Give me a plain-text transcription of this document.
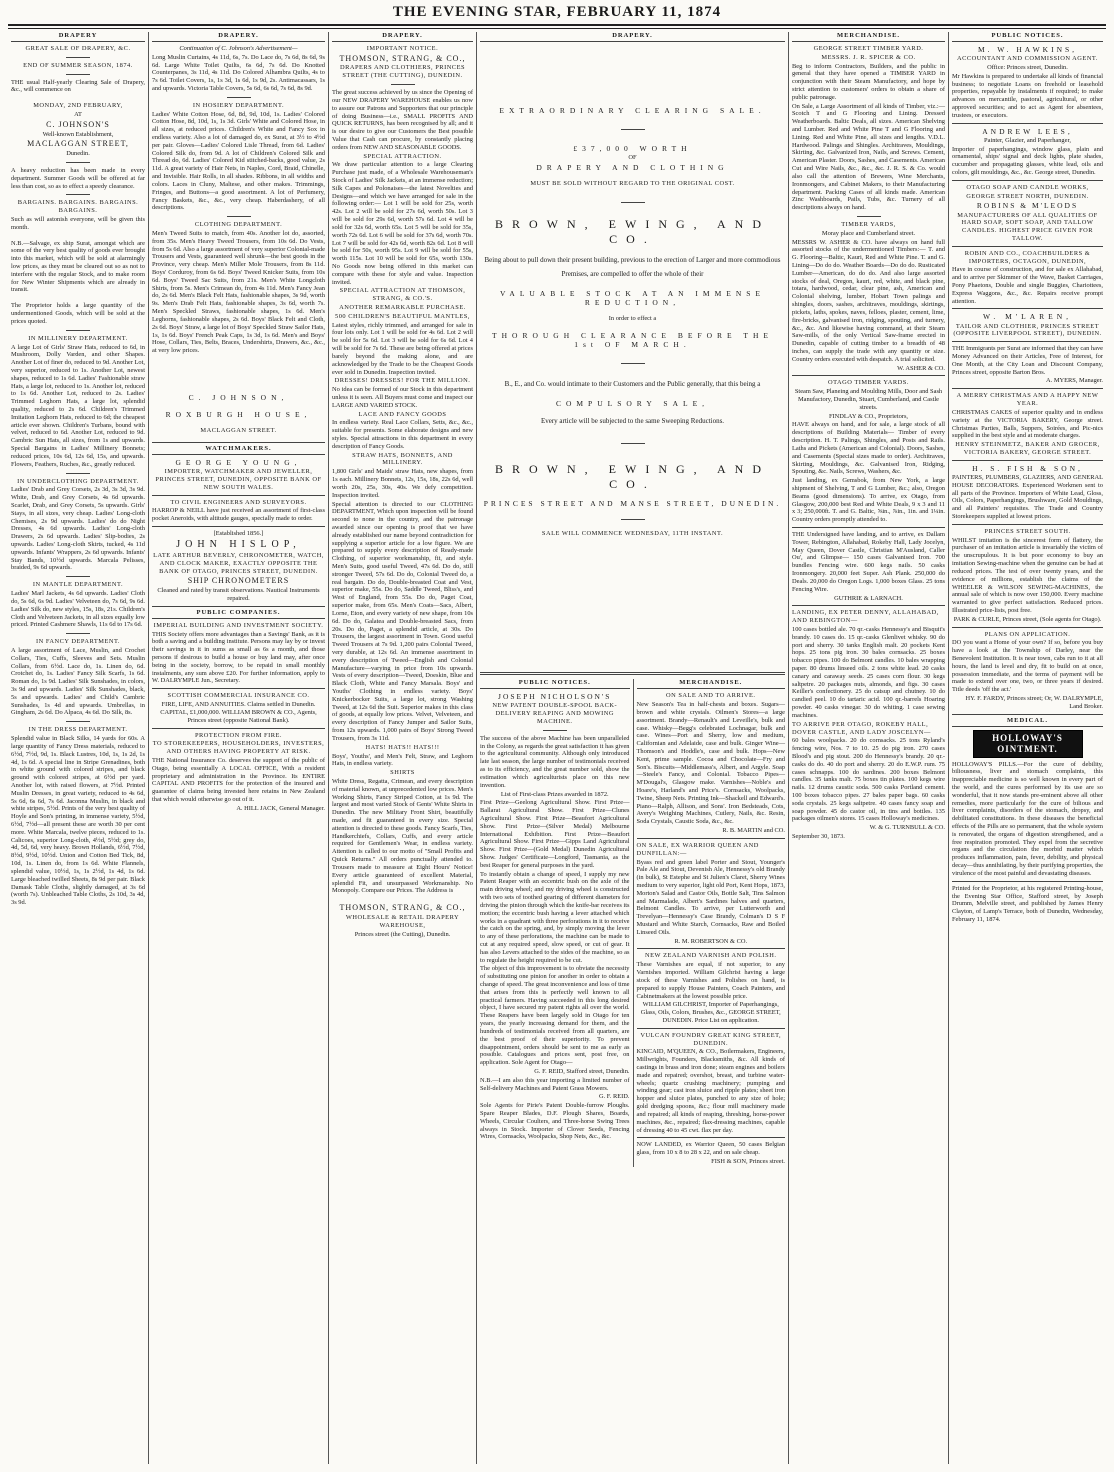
THE EVENING STAR, FEBRUARY 11, 1874
DRAPERY

GREAT SALE OF DRAPERY, &C.

END OF SUMMER SEASON, 1874.

THE usual Half-yearly Clearing Sale of Drapery, &c., will commence on

MONDAY, 2ND FEBRUARY,

AT

C. JOHNSON'S

Well-known Establishment,

MACLAGGAN STREET,

Dunedin.

A heavy reduction has been made in every department. Summer Goods will be offered at far less than cost, so as to effect a speedy clearance.

BARGAINS. BARGAINS. BARGAINS. BARGAINS.

Such as will astonish everyone, will be given this month.

N.B.—Salvage, ex ship Surat, amongst which are some of the very best quality of goods ever brought into this market, which will be sold at alarmingly low prices, as they must be cleared out so as not to interfere with the regular Stock, and to make room for New Winter Shipments which are already in transit.

The Proprietor holds a large quantity of the undermentioned Goods, which will be sold at the prices quoted.

IN MILLINERY DEPARTMENT.

A large Lot of Girls' Straw Hats, reduced to 6d, in Mushroom, Dolly Varden, and other Shapes. Another Lot of finer do, reduced to 9d. Another Lot, very superior, reduced to 1s. Another Lot, newest shapes, reduced to 1s 6d. Ladies' Fashionable straw Hats, a large lot, reduced to 1s. Another lot, reduced to 1s 6d. Another Lot, reduced to 2s. Ladies' Trimmed Leghorn Hats, a large lot, splendid quality, reduced to 2s 6d. Children's Trimmed Imitation Leghorn Hats, reduced to 6d; the cheapest article ever shown. Children's Turbans, bound with velvet, reduced to 6d. Another Lot, reduced to 9d. Cambric Sun Hats, all sizes, from 1s and upwards. Special Bargains in Ladies' Millinery Bonnets; reduced prices, 10s 6d, 12s 6d, 15s, and upwards. Flowers, Feathers, Ruches, &c., greatly reduced.

IN UNDERCLOTHING DEPARTMENT.

Ladies' Drab and Grey Corsets, 2s 3d, 3s 3d, 3s 9d. White, Drab, and Grey Corsets, 4s 6d upwards. Scarlet, Drab, and Grey Corsets, 5s upwards. Girls' Stays, in all sizes, very cheap. Ladies' Long-cloth Chemises, 2s 9d upwards. Ladies' do do Night Dresses, 4s 6d upwards. Ladies' Long-cloth Drawers, 2s 6d upwards. Ladies' Slip-bodies, 2s upwards. Ladies' Long-cloth Skirts, tucked, 4s 11d upwards. Infants' Wrappers, 2s 6d upwards. Infants' Stay Bands, 10½d upwards. Marcala Pelisses, braided, 9s 6d upwards.

IN MANTLE DEPARTMENT.

Ladies' Marl Jackets, 4s 6d upwards. Ladies' Cloth do, 5s 6d, 6s 9d. Ladies' Velveteen do, 7s 6d, 9s 6d. Ladies' Silk do, new styles, 15s, 18s, 21s. Children's Cloth and Velveteen Jackets, in all sizes equally low priced. Printed Cashmere Shawls, 11s 6d to 17s 6d.

IN FANCY DEPARTMENT.

A large assortment of Lace, Muslin, and Crochet Collars, Ties, Cuffs, Sleeves and Sets. Muslin Collars, from 6½d. Lace do, 1s. Linen do, 6d. Crotchet do, 1s. Ladies' Fancy Silk Scarfs, 1s 6d. Roman do, 1s 9d. Ladies' Silk Sunshades, in colors, 3s 9d and upwards. Ladies' Silk Sunshades, black, 5s and upwards. Ladies' and Child's Cambric Sunshades, 1s 4d and upwards. Umbrellas, in Gingham, 2s 6d. Do Alpaca, 4s 6d. Do Silk, 8s.

IN THE DRESS DEPARTMENT.

Splendid value in Black Silks, 14 yards for 60s. A large quantity of Fancy Dress materials, reduced to 6½d, 7½d, 9d, 1s. Black Lustres, 10d, 1s, 1s 2d, 1s 4d, 1s 6d. A special line in Stripe Grenadines, both in white ground with colored stripes, and black ground with colored stripes, at 6½d per yard. Another lot, with raised flowers, at 7½d. Printed Muslin Dresses, in great variety, reduced to 4s 6d, 5s 6d, 6s 6d, 7s 6d. Jaconna Muslin, in black and white stripes, 5½d. Prints of the very best quality of Hoyle and Son's printing, in immense variety, 5½d, 6½d, 7½d—all present these are worth 30 per cent more. White Marcala, twelve pieces, reduced to 1s. Calicoes, superior Long-cloth, 4½d, 5½d; grey do, 4d, 5d, 6d, very heavy. Brown Hollands, 6½d, 7½d, 8½d, 9½d, 10½d. Union and Cotton Bed Tick, 8d, 10d, 1s. Linen do, from 1s 6d. White Flannels, splendid value, 10½d, 1s, 1s 2½d, 1s 4d, 1s 6d. Large bleached twilled Sheets, 8s 9d per pair. Black Damask Table Cloths, slightly damaged, at 3s 6d (worth 7s). Unbleached Table Cloths, 2s 10d, 3s 4d, 3s 9d.

DRAPERY.

Continuation of C. Johnson's Advertisement—

Long Muslin Curtains, 4s 11d, 6s, 7s. Do Lace do, 7s 6d, 8s 6d, 9s 6d. Large White Toilet Quilts, 6s 6d, 7s 6d. Do Knotted Counterpanes, 3s 11d, 4s 11d. Do Colored Alhambra Quilts, 4s to 7s 6d. Toilet Covers, 1s, 1s 3d, 1s 6d, 1s 9d, 2s. Antimacassars, 1s and upwards. Victoria Table Covers, 5s 6d, 6s 6d, 7s 6d, 8s 9d.

IN HOSIERY DEPARTMENT.

Ladies' White Cotton Hose, 6d, 8d, 9d, 10d, 1s. Ladies' Colored Cotton Hose, 8d, 10d, 1s, 1s 3d. Girls' White and Colored Hose, in all sizes, at reduced prices. Children's White and Fancy Sox in endless variety. Also a lot of damaged do, ex Surat, at 3½ to 4½d per pair. Gloves—Ladies' Colored Lisle Thread, from 6d. Ladies' Colored Silk do, from 9d. A lot of Children's Colored Silk and Thread do, 6d. Ladies' Colored Kid stitched-backs, good value, 2s 11d. A great variety of Hair Nets, in Naples, Cord, Braid, Chinelle, and Invisible. Hair Rolls, in all shades. Ribbons, in all widths and colors. Laces in Cluny, Maltese, and other makes. Trimmings, Fringes, and Buttons—a good assortment. A lot of Perfumery, Fancy Baskets, &c., &c., very cheap. Haberdashery, of all descriptions.

CLOTHING DEPARTMENT.

Men's Tweed Suits to match, from 40s. Another lot do, assorted, from 35s. Men's Heavy Tweed Trousers, from 10s 6d. Do Vests, from 5s 6d. Also a large assortment of very superior Colonial-made Trousers and Vests, guaranteed well shrunk—the best goods in the Province, very cheap. Men's Miller Mole Trousers, from 8s 11d. Boys' Corduroy, from 6s 6d. Boys' Tweed Knicker Suits, from 10s 6d. Boys' Tweed Sac Suits, from 21s. Men's White Longcloth Shirts, from 5s. Men's Crimean do, from 4s 11d. Men's Fancy Jean do, 2s 6d. Men's Black Felt Hats, fashionable shapes, 3s 9d, worth 9s. Men's Drab Felt Hats, fashionable shapes, 3s 6d, worth 7s. Men's Speckled Straws, fashionable shapes, 1s 6d. Men's Leghorns, fashionable shapes, 2s 6d. Boys' Black Felt and Cloth, 2s 6d. Boys' Straw, a large lot of Boys' Speckled Straw Sailor Hats, 1s, 1s 6d. Boys' French Peak Caps, 1s 3d, 1s 6d. Men's and Boys' Hose, Collars, Ties, Belts, Braces, Undershirts, Drawers, &c., &c., at very low prices.

C. JOHNSON,

ROXBURGH HOUSE,

MACLAGGAN STREET.

WATCHMAKERS.

GEORGE YOUNG,

IMPORTER, WATCHMAKER AND JEWELLER, PRINCES STREET, DUNEDIN, OPPOSITE BANK OF NEW SOUTH WALES.

TO CIVIL ENGINEERS AND SURVEYORS.

HARROP & NEILL have just received an assortment of first-class pocket Aneroids, with altitude gauges, specially made to order.

[Established 1856.]

JOHN HISLOP,

LATE ARTHUR BEVERLY, CHRONOMETER, WATCH, AND CLOCK MAKER, EXACTLY OPPOSITE THE BANK OF OTAGO, PRINCES STREET, DUNEDIN.

SHIP CHRONOMETERS

Cleaned and rated by transit observations. Nautical Instruments repaired.

PUBLIC COMPANIES.

IMPERIAL BUILDING AND INVESTMENT SOCIETY.

THIS Society offers more advantages than a Savings' Bank, as it is both a saving and a building institute. Persons may lay by or invest their savings in it in sums as small as 6s a month, and those persons if desirous to build a house or buy land may, after once being in the society, borrow, to be repaid in small monthly instalments, any sum above £20. For further information, apply to W. DALRYMPLE Jun., Secretary.

SCOTTISH COMMERCIAL INSURANCE CO.

FIRE, LIFE, AND ANNUITIES. Claims settled in Dunedin. CAPITAL, £1,000,000. WILLIAM BROWN & CO., Agents, Princes street (opposite National Bank).

PROTECTION FROM FIRE.

TO STOREKEEPERS, HOUSEHOLDERS, INVESTERS, AND OTHERS HAVING PROPERTY AT RISK.

THE National Insurance Co. deserves the support of the public of Otago, being essentially A LOCAL OFFICE, With a resident proprietary and administration in the Province. Its ENTIRE CAPITAL AND PROFITS for the protection of the insured and guarantee of claims being invested here retains in New Zealand that which would otherwise go out of it.

A. HILL JACK, General Manager.

DRAPERY.

IMPORTANT NOTICE.

THOMSON, STRANG, & CO.,

DRAPERS AND CLOTHIERS, PRINCES STREET (THE CUTTING), DUNEDIN.

The great success achieved by us since the Opening of our NEW DRAPERY WAREHOUSE enables us now to assure our Patrons and Supporters that our principle of doing Business—i.e., SMALL PROFITS AND QUICK RETURNS, has been recognised by all; and it is our desire to give our Customers the Best possible Value that Cash can procure, by constantly placing orders from NEW AND SEASONABLE GOODS.

SPECIAL ATTRACTION.

We draw particular attention to a large Clearing Purchase just made, of a Wholesale Warehouseman's Stock of Ladies' Silk Jackets, at an immense reduction; Silk Capes and Polonaises—the latest Novelties and Designs—and which we have arranged for sale in the following order:— Lot 1 will be sold for 25s, worth 42s. Lot 2 will be sold for 27s 6d, worth 50s. Lot 3 will be sold for 29s 6d, worth 57s 6d. Lot 4 will be sold for 32s 6d, worth 65s. Lot 5 will be sold for 35s, worth 72s 6d. Lot 6 will be sold for 37s 6d, worth 70s. Lot 7 will be sold for 42s 6d, worth 82s 6d. Lot 8 will be sold for 50s, worth 95s. Lot 9 will be sold for 55s, worth 115s. Lot 10 will be sold for 65s, worth 130s. No Goods now being offered in this market can compare with these for style and value. Inspection invited.

SPECIAL ATTRACTION AT THOMSON, STRANG, & CO.'S.

ANOTHER REMARKABLE PURCHASE.

500 CHILDREN'S BEAUTIFUL MANTLES,

Latest styles, richly trimmed, and arranged for sale in four lots only. Lot 1 will be sold for 4s 6d. Lot 2 will be sold for 5s 6d. Lot 3 will be sold for 6s 6d. Lot 4 will be sold for 7s 6d. These are being offered at prices barely beyond the making alone, and are acknowledged by the Trade to be the Cheapest Goods ever sold in Dunedin. Inspection invited.

DRESSES! DRESSES! FOR THE MILLION.

No idea can be formed of our Stock in this department unless it is seen. All Buyers must come and inspect our LARGE AND VARIED STOCK.

LACE AND FANCY GOODS

In endless variety. Real Lace Collars, Setts, &c., &c., suitable for presents. Some elaborate designs and new styles. Special attractions in this department in every description of Fancy Goods.

STRAW HATS, BONNETS, AND MILLINERY.

1,800 Girls' and Maids' straw Hats, new shapes, from 1s each. Millinery Bonnets, 12s, 15s, 18s, 22s 6d, well worth 20s, 25s, 30s, 40s. We defy competition. Inspection invited.

Special attention is directed to our CLOTHING DEPARTMENT, Which upon inspection will be found second to none in the country, and the patronage awarded since our opening is proof that we have already established our name beyond contradiction for supplying a superior article for a low figure. We are prepared to supply every description of Ready-made Clothing, of superior workmanship, fit, and style. Men's Suits, good useful Tweed, 47s 6d. Do do, still stronger Tweed, 57s 6d. Do do, Colonial Tweed do, a real bargain. Do do, Double-breasted Coat and Vest, superior make, 55s. Do do, Saddle Tweed, Bliss's, and West of England, from 55s. Do do, Paget Coat, superior make, from 65s. Men's Coats—Sacs, Albert, Lorne, Eton, and every variety of new shape, from 10s 6d. Do do, Galatea and Double-breasted Sacs, from 20s. Do do, Paget, a splendid article, at 30s. Do Trousers, the largest assortment in Town. Good useful Tweed Trousers at 7s 9d. 1,200 pairs Colonial Tweed, very durable, at 12s 6d. An immense assortment in every description of Tweed—English and Colonial Manufacture—varying in price from 10s upwards. Vests of every description—Tweed, Doeskin, Blue and Black Cloth, White and Fancy Marsala. Boys' and Youths' Clothing in endless variety. Boys' Knickerbocker Suits, a large lot, strong Washing Tweed, at 12s 6d the Suit. Superior makes in this class of goods, at equally low prices. Velvet, Velveteen, and every description of Fancy Jumper and Sailor Suits, from 12s upwards. 1,000 pairs of Boys' Strong Tweed Trousers, from 3s 11d.

HATS! HATS!! HATS!!!

Boys', Youths', and Men's Felt, Straw, and Leghorn Hats, in endless variety.

SHIRTS

White Dress, Regatta, Crimean, and every description of material known, at unprecedented low prices. Men's Working Shirts, Fancy Striped Cotton, at 1s 9d. The largest and most varied Stock of Gents' White Shirts in Dunedin. The new Military Front Shirt, beautifully made, and fit guaranteed in every size. Special attention is directed to these goods. Fancy Scarfs, Ties, Handkerchiefs, Collars, Cuffs, and every article required for Gentlemen's Wear, in endless variety. Attention is called to our motto of "Small Profits and Quick Returns." All orders punctually attended to. Trousers made to measure at Eight Hours' Notice! Every article guaranteed of excellent Material, splendid Fit, and unsurpassed Workmanship. No Monopoly. Compare our Prices. The Address is

THOMSON, STRANG, & CO.,

WHOLESALE & RETAIL DRAPERY WAREHOUSE,

Princes street (the Cutting), Dunedin.

DRAPERY.

EXTRAORDINARY CLEARING SALE.

£37,000 WORTH

OF

DRAPERY AND CLOTHING

MUST BE SOLD WITHOUT REGARD TO THE ORIGINAL COST.

BROWN, EWING, AND CO.

Being about to pull down their present building, previous to the erection of Larger and more commodious Premises, are compelled to offer the whole of their

VALUABLE STOCK AT AN IMMENSE REDUCTION,

In order to effect a

THOROUGH CLEARANCE BEFORE THE 1st OF MARCH.

B., E., and Co. would intimate to their Customers and the Public generally, that this being a

COMPULSORY SALE,

Every article will be subjected to the same Sweeping Reductions.

BROWN, EWING, AND CO.

PRINCES STREET AND MANSE STREET, DUNEDIN.

SALE WILL COMMENCE WEDNESDAY, 11TH INSTANT.

PUBLIC NOTICES.

JOSEPH NICHOLSON'S

NEW PATENT DOUBLE-SPOOL BACK-DELIVERY REAPING AND MOWING MACHINE.

The success of the above Machine has been unparalleled in the Colony, as regards the great satisfaction it has given to the agricultural community. Although only introduced late last season, the large number of testimonials received as to its efficiency, and the great number sold, show the estimation which agriculturists place on this new invention.

List of First-class Prizes awarded in 1872.

First Prize—Geelong Agricultural Show. First Prize—Ballarat Agricultural Show. First Prize—Clunes Agricultural Show. First Prize—Beaufort Agricultural Show. First Prize—(Silver Medal) Melbourne International Exhibition. First Prize—Beaufort Agricultural Show. First Prize—Gipps Land Agricultural Show. First Prize—(Gold Medal) Dunedin Agricultural Show. Judges' Certificate—Longford, Tasmania, as the best Reaper for general purposes in the yard.

To instantly obtain a change of speed, I supply my new Patent Reaper with an eccentric bush on the axle of the main driving wheel; and my driving wheel is constructed with two sets of toothed gearing of different diameters for driving the pinion through which the knife-bar receives its motion; the eccentric bush having a lever attached which works in a quadrant with three perforations in it to receive the catch on the spring, and, by simply moving the lever to any of these perforations, the machine can be made to cut at any required speed, slow speed, or cut of gear. It has also Levers attached to the sides of the machine, so as to regulate the height required to be cut.

The object of this improvement is to obviate the necessity of substituting one pinion for another in order to obtain a change of speed. The great inconvenience and loss of time that arises from this is perfectly well known to all practical farmers. Having succeeded in this long desired object, I have secured my patent rights all over the world. These Reapers have been largely sold in Otago for ten years, the yearly increasing demand for them, and the hundreds of testimonials received from all quarters, are the best proof of their superiority. To prevent disappointment, orders should be sent to me as early as possible. Catalogues and prices sent, post free, on application. Sole Agent for Otago—

G. F. REID, Stafford street, Dunedin.

N.B.—I am also this year importing a limited number of Self-delivery Machines and Patent Grass Mowers.

G. F. REID.

Sole Agents for Pirie's Patent Double-furrow Ploughs. Spare Reaper Blades, D.F. Plough Shares, Boards, Wheels, Circular Coulters, and Three-horse Swing Trees always in Stock. Importer of Clover Seeds, Fencing Wires, Cornsacks, Woolpacks, Shop Nets, &c., &c.

MERCHANDISE.

ON SALE AND TO ARRIVE.

New Season's Tea in half-chests and boxes. Sugars—brown and white crystals. Oilmen's Stores—a large assortment. Brandy—Renault's and Leveille's, bulk and case. Whisky—Begg's celebrated Lochnagar, bulk and case. Wines—Port and Sherry, low and medium, Californian and Adelaide, case and bulk. Ginger Wine—Thomson's and Hoddle's, case and bulk. Hops—New Kent, prime sample. Cocoa and Chocolate—Fry and Son's. Biscuits—Middlemass's, Albert, and Argyle. Soap—Steele's Fancy, and Colonial. Tobacco Pipes—M'Dougal's, Glasgow make. Varnishes—Noble's and Hoare's, Harland's and Price's. Cornsacks, Woolpacks, Twine, Sheep Nets. Printing Ink—Shackell and Edward's. Piano—Ralph, Allison, and Sons'. Iron Bedsteads, Cots, Avery's Weighing Machines, Cutlery, Nails, &c. Resin, Soda Crystals, Caustic Soda, &c., &c.

R. B. MARTIN and CO.

ON SALE, EX WARRIOR QUEEN AND DUNFILLAN:—

Byass red and green label Porter and Stout, Younger's Pale Ale and Stout, Devenish Ale, Hennessy's old Brandy (in bulk), St Estephe and St Julien's Claret, Sherry Wines medium to very superior, light old Port, Kent Hops, 1873, Morton's Salad and Castor Oils, Bottle Salt, Tins Salmon and Marmalade, Albert's Sardines halves and quarters, Belmont Candles. To arrive, per Lutterworth and Trevelyan—Hennessy's Case Brandy, Colman's D S F Mustard and White Starch, Cornsacks, Raw and Boiled Linseed Oils.

R. M. ROBERTSON & CO.

NEW ZEALAND VARNISH AND POLISH.

These Varnishes are equal, if not superior, to any Varnishes imported. William Gilchrist having a large stock of these Varnishes and Polishes on hand, is prepared to supply House Painters, Coach Painters, and Cabinetmakers at the lowest possible price.

WILLIAM GILCHRIST, Importer of Paperhangings, Glass, Oils, Colors, Brushes, &c., GEORGE STREET, DUNEDIN. Price List on application.

VULCAN FOUNDRY GREAT KING STREET, DUNEDIN.

KINCAID, M'QUEEN, & CO., Boilermakers, Engineers, Millwrights, Founders, Blacksmiths, &c. All kinds of castings in brass and iron done; steam engines and boilers made and repaired; overshot, breast, and turbine water-wheels; quartz crushing machinery; pumping and winding gear; cast iron sluice and ripple plates; sheet iron hopper and sluice plates, punched to any size of hole; gold dredging spoons, &c.; flour mill machinery made and repaired; all kinds of reaping, threshing, horse-power machines, &c., repaired; flax-dressing machines, capable of dressing 40 to 45 cwt. flax per day.

NOW LANDED, ex Warrior Queen, 50 cases Belgian glass, from 10 x 8 to 28 x 22, and on sale cheap.

FISH & SON, Princes street.

MERCHANDISE.

GEORGE STREET TIMBER YARD.

MESSRS. J. R. SPICER & CO.

Beg to inform Contractors, Builders, and the public in general that they have opened a TIMBER YARD in conjunction with their Steam Manufactory, and hope by strict attention to customers' orders to obtain a share of public patronage.

On Sale, a Large Assortment of all kinds of Timber, viz.:— Scotch T and G Flooring and Lining. Dressed Weatherboards. Baltic Deals, all sizes. American Shelving and Lumber. Red and White Pine T and G Flooring and Lining. Red and White Pine, all sizes and lengths. V.D.L. Hardwood. Palings and Shingles. Architraves, Mouldings, Skirting, &c. Galvanized Iron, Nails, and Screws. Cement, American Plaster. Doors, Sashes, and Casements. American Cut and Wire Nails, &c., &c., &c. J. R. S. & Co. would also call the attention of Brewers, Wine Merchants, Ironmongers, and Cabinet Makers, to their Manufacturing department. Packing Cases of all kinds made. American Zinc Washboards, Pails, Tubs, &c. Turnery of all descriptions always on hand.

TIMBER YARDS,

Moray place and Cumberland street.

MESSRS W. ASHER & CO. have always on hand full assorted stocks of the undermentioned Timbers:— T. and G. Flooring—Baltic, Kauri, Red and White Pine. T. and G. Lining—Do do do. Weather Boards—Do do do. Rusticated Lumber—American, do do do. And also large assorted stocks of deal, Oregon, kauri, red, white, and black pine, totara, hardwood, cedar, clear pine, ash, American and Colonial shelving, lumber, Hobart Town palings and shingles, doors, sashes, architraves, mouldings, skirtings, pickets, laths, spokes, naves, felloes, plaster, cement, lime, fire-bricks, galvanised iron, ridging, spouting, and turnery, &c., &c. And likewise having command, at their Steam Saw-mills, of the only Vertical Saw-frame erected in Dunedin, capable of cutting timber to a breadth of 48 inches, can supply the trade with any quantity or size. Country orders executed with despatch. A trial solicited.

W. ASHER & CO.

OTAGO TIMBER YARDS.

Steam Saw, Planeing and Moulding Mills, Door and Sash Manufactory, Dunedin, Stuart, Cumberland, and Castle streets.

FINDLAY & CO., Proprietors,

HAVE always on hand, and for sale, a large stock of all descriptions of Building Materials— Timber of every description. H. T. Palings, Shingles, and Posts and Rails. Laths and Pickets (American and Colonial). Doors, Sashes, and Casements (Special sizes made to order). Architraves, Skirting, Mouldings, &c. Galvanised Iron, Ridging, Spouting, &c. Nails, Screws, Washers, &c.

Just landing, ex Gemsbok, from New York, a large shipment of Shelving, T and G Lumber, &c.; also, Oregon Beams (good dimensions). To arrive, ex Otago, from Glasgow, 200,000 best Red and White Deals, 9 x 3 and 11 x 3; 250,000ft. T. and G. Baltic, ⅝in., ⅞in., 1in. and 1¼in. Country orders promptly attended to.

THE Undersigned have landing, and to arrive, ex Dallam Tower, Rebington, Allahabad, Rokeby Hall, Lady Jocelyn, May Queen, Dover Castle, Christian M'Ausland, Caller Ou', and Glimpse— 150 cases Galvanised Iron. 700 bundles Fencing wire. 600 kegs nails. 50 casks Ironmongery. 20,000 feet Super. Ash Plank. 250,000 do Deals. 20,000 do Oregon Logs. 1,000 boxes Glass. 25 tons Fencing Wire.

GUTHRIE & LARNACH.

LANDING, EX PETER DENNY, ALLAHABAD, AND REBINGTON—

100 cases bottled ale. 70 qr.-casks Hennessy's and Bisquit's brandy. 10 cases do. 15 qr.-casks Glenlivet whisky. 90 do port and sherry. 30 tanks English malt. 20 pockets Kent hops. 25 tons pig iron. 30 bales cornsacks. 25 boxes tobacco pipes. 100 do Belmont candles. 10 bales wrapping paper. 80 drums linseed oils. 2 tons white lead. 20 casks canary and caraway seeds. 25 cases corn flour. 30 kegs saltpetre. 20 packages nuts, almonds, and figs. 30 cases Keiller's confectionery. 25 do catsup and chutney. 10 do candied peel. 10 do tartaric acid. 100 qr.-barrels Hoaring powder. 40 casks vinegar. 30 do whiting. 1 case sewing machines.

TO ARRIVE PER OTAGO, ROKEBY HALL, DOVER CASTLE, AND LADY JOSCELYN—

60 bales woolpacks. 20 do cornsacks. 25 tons Ryland's fencing wire, Nos. 7 to 10. 25 do pig iron. 270 cases Blood's and pig stout. 200 do Hennessy's brandy. 20 qr.-casks do do. 40 do port and sherry. 20 do E.W.P. rum. 75 cases schnapps. 100 do sardines. 200 boxes Belmont candles. 35 tanks malt. 75 boxes tin plates. 100 kegs wire nails. 12 drums caustic soda. 500 casks Portland cement. 100 boxes tobacco pipes. 27 bales paper bags. 60 casks soda crystals. 25 kegs saltpetre. 40 cases fancy soap and soap powder. 45 do castor oil, in tins and bottles. 135 packages oilmen's stores. 15 cases Holloway's medicines.

W. & G. TURNBULL & CO.

September 30, 1873.

PUBLIC NOTICES.

M. W. HAWKINS,

ACCOUNTANT AND COMMISSION AGENT.

Office: Princes street, Dunedin.

Mr Hawkins is prepared to undertake all kinds of financial business; to negotiate Loans on freehold or leasehold properties, repayable by instalments if required; to make advances on mercantile, pastoral, agricultural, or other approved securities; and to act as Agent for absentees, trustees, or executors.

ANDREW LEES,

Painter, Glazier, and Paperhanger,

Importer of paperhangings, window glass, plain and ornamental, ships' signal and deck lights, plate shades, cucumber and propagating glasses, white lead, oils and colors, gilt mouldings, &c., &c. George street, Dunedin.

OTAGO SOAP AND CANDLE WORKS,

GEORGE STREET NORTH, DUNEDIN.

ROBINS & M'LEODS

MANUFACTURERS OF ALL QUALITIES OF HARD SOAP, SOFT SOAP, AND TALLOW CANDLES. HIGHEST PRICE GIVEN FOR TALLOW.

ROBIN AND CO., COACHBUILDERS & IMPORTERS, OCTAGON, DUNEDIN,

Have in course of construction, and for sale ex Allahabad, and to arrive per Skimmer of the Wave, Basket Carriages, Pony Phaetons, Double and single Buggies, Chariottees, Express Waggons, &c., &c. Repairs receive prompt attention.

W. M'LAREN,

TAILOR AND CLOTHIER, PRINCES STREET (OPPOSITE LIVERPOOL STREET), DUNEDIN.

THE Immigrants per Surat are informed that they can have Money Advanced on their Articles, Free of Interest, for One Month, at the City Loan and Discount Company, Princes street, opposite Barton Bros.

A. MYERS, Manager.

A MERRY CHRISTMAS AND A HAPPY NEW YEAR.

CHRISTMAS CAKES of superior quality and in endless variety at the VICTORIA BAKERY, George street. Christmas Parties, Balls, Suppers, Soirées, and Pic-nics supplied in the best style and at moderate charges.

HENRY STEINMETZ, BAKER AND GROCER, VICTORIA BAKERY, GEORGE STREET.

H. S. FISH & SON,

PAINTERS, PLUMBERS, GLAZIERS, AND GENERAL HOUSE DECORATORS. Experienced Workmen sent to all parts of the Province. Importers of White Lead, Gloss, Oils, Colors, Paperhangings, Brushware, Gold Mouldings, and all Painters' requisites. The Trade and Country Storekeepers supplied at lowest prices.

PRINCES STREET SOUTH.

WHILST imitation is the sincerest form of flattery, the purchaser of an imitation article is invariably the victim of the unscrupulous. It is but poor economy to buy an imitation Sewing-machine when the genuine can be had at reduced prices. The test of over twenty years, and the evidence of millions, establish the claims of the WHEELER & WILSON SEWING-MACHINES, the annual sale of which is now over 150,000. Every machine warranted to give perfect satisfaction. Reduced prices. Illustrated price-lists, post free.

PARK & CURLE, Princes street, (Sole agents for Otago).

PLANS ON APPLICATION.

DO you want a Home of your own? If so, before you buy have a look at the Township of Darley, near the Benevolent Institution. It is near town, cabs run to it at all hours, the land is level and dry, fit to build on at once, possession immediate, and the terms of payment will be made to extend over one, two, or three years if desired. Title deeds 'off the act.'

HY. F. FARDY, Princes street; Or, W. DALRYMPLE, Land Broker.

MEDICAL.
HOLLOWAY'S OINTMENT.

HOLLOWAY'S PILLS.—For the cure of debility, biliousness, liver and stomach complaints, this inappreciable medicine is so well known in every part of the world, and the cures performed by its use are so wonderful, that it now stands pre-eminent above all other remedies, more particularly for the cure of bilious and liver complaints, disorders of the stomach, dropsy, and debilitated constitutions. In these diseases the beneficial effects of the Pills are so permanent, that the whole system is renovated, the organs of digestion strengthened, and a free respiration promoted. They expel from the secretive organs and the circulation the morbid matter which produces inflammation, pain, fever, debility, and physical decay—thus annihilating, by their purifying properties, the virulence of the most painful and devastating diseases.

Printed for the Proprietor, at his registered Printing-house, the Evening Star Office, Stafford street, by Joseph Drumm, Melville street, and published by James Henry Clayton, of Lamp's Terrace, both of Dunedin, Wednesday, February 11, 1874.
